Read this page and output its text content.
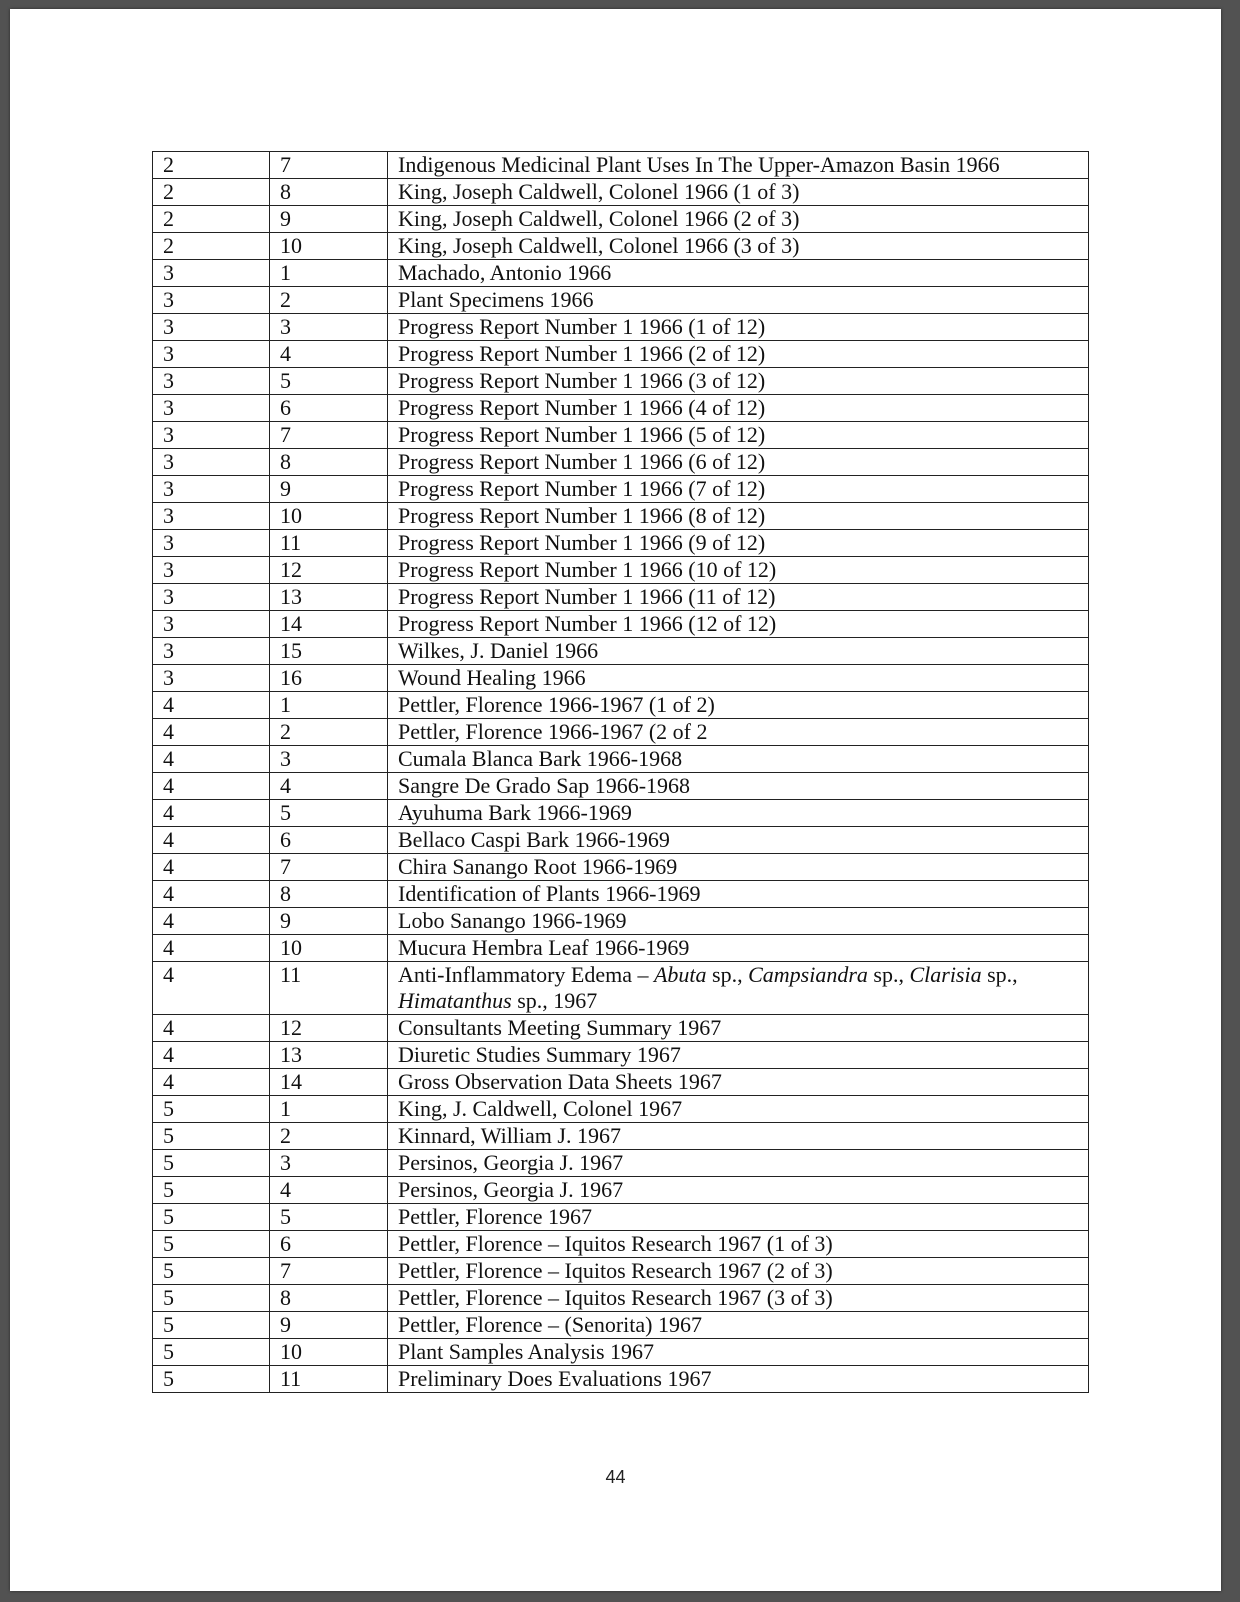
2	7	Indigenous Medicinal Plant Uses In The Upper-Amazon Basin 1966
2	8	King, Joseph Caldwell, Colonel 1966 (1 of 3)
2	9	King, Joseph Caldwell, Colonel 1966 (2 of 3)
2	10	King, Joseph Caldwell, Colonel 1966 (3 of 3)
3	1	Machado, Antonio 1966
3	2	Plant Specimens 1966
3	3	Progress Report Number 1 1966 (1 of 12)
3	4	Progress Report Number 1 1966 (2 of 12)
3	5	Progress Report Number 1 1966 (3 of 12)
3	6	Progress Report Number 1 1966 (4 of 12)
3	7	Progress Report Number 1 1966 (5 of 12)
3	8	Progress Report Number 1 1966 (6 of 12)
3	9	Progress Report Number 1 1966 (7 of 12)
3	10	Progress Report Number 1 1966 (8 of 12)
3	11	Progress Report Number 1 1966 (9 of 12)
3	12	Progress Report Number 1 1966 (10 of 12)
3	13	Progress Report Number 1 1966 (11 of 12)
3	14	Progress Report Number 1 1966 (12 of 12)
3	15	Wilkes, J. Daniel 1966
3	16	Wound Healing 1966
4	1	Pettler, Florence 1966-1967 (1 of 2)
4	2	Pettler, Florence 1966-1967 (2 of 2
4	3	Cumala Blanca Bark 1966-1968
4	4	Sangre De Grado Sap 1966-1968
4	5	Ayuhuma Bark 1966-1969
4	6	Bellaco Caspi Bark 1966-1969
4	7	Chira Sanango Root 1966-1969
4	8	Identification of Plants 1966-1969
4	9	Lobo Sanango 1966-1969
4	10	Mucura Hembra Leaf 1966-1969
4	11	Anti-Inflammatory Edema – Abuta sp., Campsiandra sp., Clarisia sp., Himatanthus sp., 1967
4	12	Consultants Meeting Summary 1967
4	13	Diuretic Studies Summary 1967
4	14	Gross Observation Data Sheets 1967
5	1	King, J. Caldwell, Colonel 1967
5	2	Kinnard, William J. 1967
5	3	Persinos, Georgia J. 1967
5	4	Persinos, Georgia J. 1967
5	5	Pettler, Florence 1967
5	6	Pettler, Florence – Iquitos Research 1967 (1 of 3)
5	7	Pettler, Florence – Iquitos Research 1967 (2 of 3)
5	8	Pettler, Florence – Iquitos Research 1967 (3 of 3)
5	9	Pettler, Florence – (Senorita) 1967
5	10	Plant Samples Analysis 1967
5	11	Preliminary Does Evaluations 1967
44
